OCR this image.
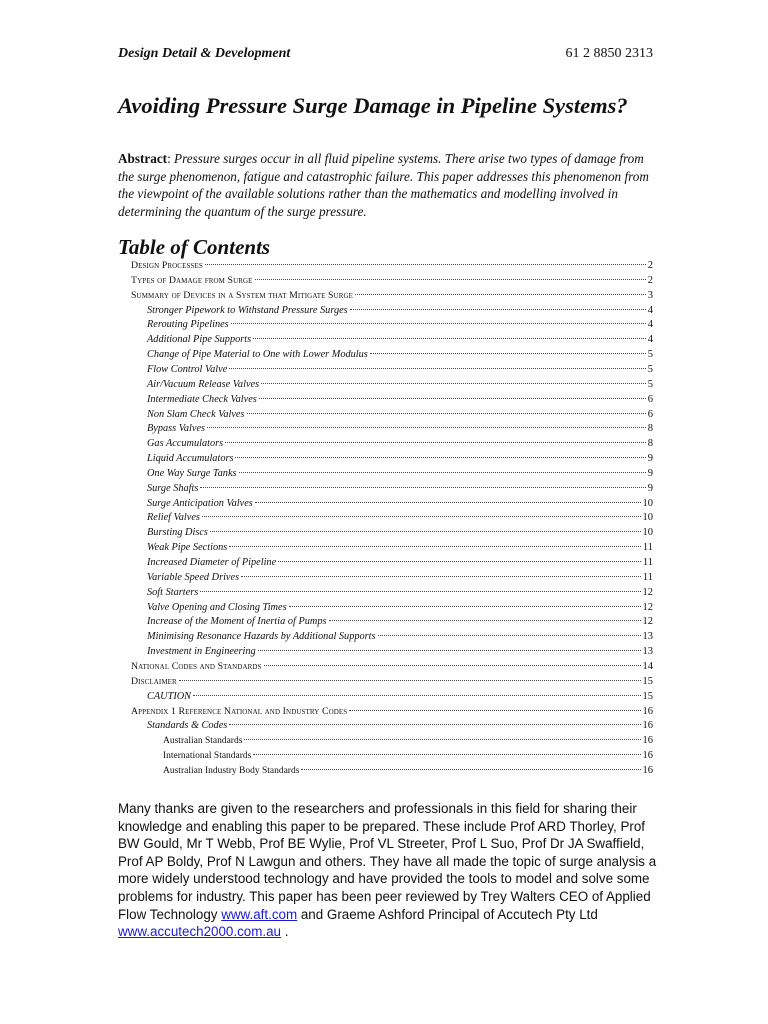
Design Detail & Development	61 2 8850 2313
Avoiding Pressure Surge Damage in Pipeline Systems?

Abstract: Pressure surges occur in all fluid pipeline systems. There arise two types of damage from the surge phenomenon, fatigue and catastrophic failure. This paper addresses this phenomenon from the viewpoint of the available solutions rather than the mathematics and modelling involved in determining the quantum of the surge pressure.

Table of Contents
Design Processes	2
Types of Damage from Surge	2
Summary of Devices in a System that Mitigate Surge	3
Stronger Pipework to Withstand Pressure Surges	4
Rerouting Pipelines	4
Additional Pipe Supports	4
Change of Pipe Material to One with Lower Modulus	5
Flow Control Valve	5
Air/Vacuum Release Valves	5
Intermediate Check Valves	6
Non Slam Check Valves	6
Bypass Valves	8
Gas Accumulators	8
Liquid Accumulators	9
One Way Surge Tanks	9
Surge Shafts	9
Surge Anticipation Valves	10
Relief Valves	10
Bursting Discs	10
Weak Pipe Sections	11
Increased Diameter of Pipeline	11
Variable Speed Drives	11
Soft Starters	12
Valve Opening and Closing Times	12
Increase of the Moment of Inertia of Pumps	12
Minimising Resonance Hazards by Additional Supports	13
Investment in Engineering	13
National Codes and Standards	14
Disclaimer	15
CAUTION	15
Appendix 1 Reference National and Industry Codes	16
Standards & Codes	16
Australian Standards	16
International Standards	16
Australian Industry Body Standards	16

Many thanks are given to the researchers and professionals in this field for sharing their knowledge and enabling this paper to be prepared. These include Prof ARD Thorley, Prof BW Gould, Mr T Webb, Prof BE Wylie, Prof VL Streeter, Prof L Suo, Prof Dr JA Swaffield, Prof AP Boldy, Prof N Lawgun and others. They have all made the topic of surge analysis a more widely understood technology and have provided the tools to model and solve some problems for industry. This paper has been peer reviewed by Trey Walters CEO of Applied Flow Technology www.aft.com and Graeme Ashford Principal of Accutech Pty Ltd www.accutech2000.com.au .
